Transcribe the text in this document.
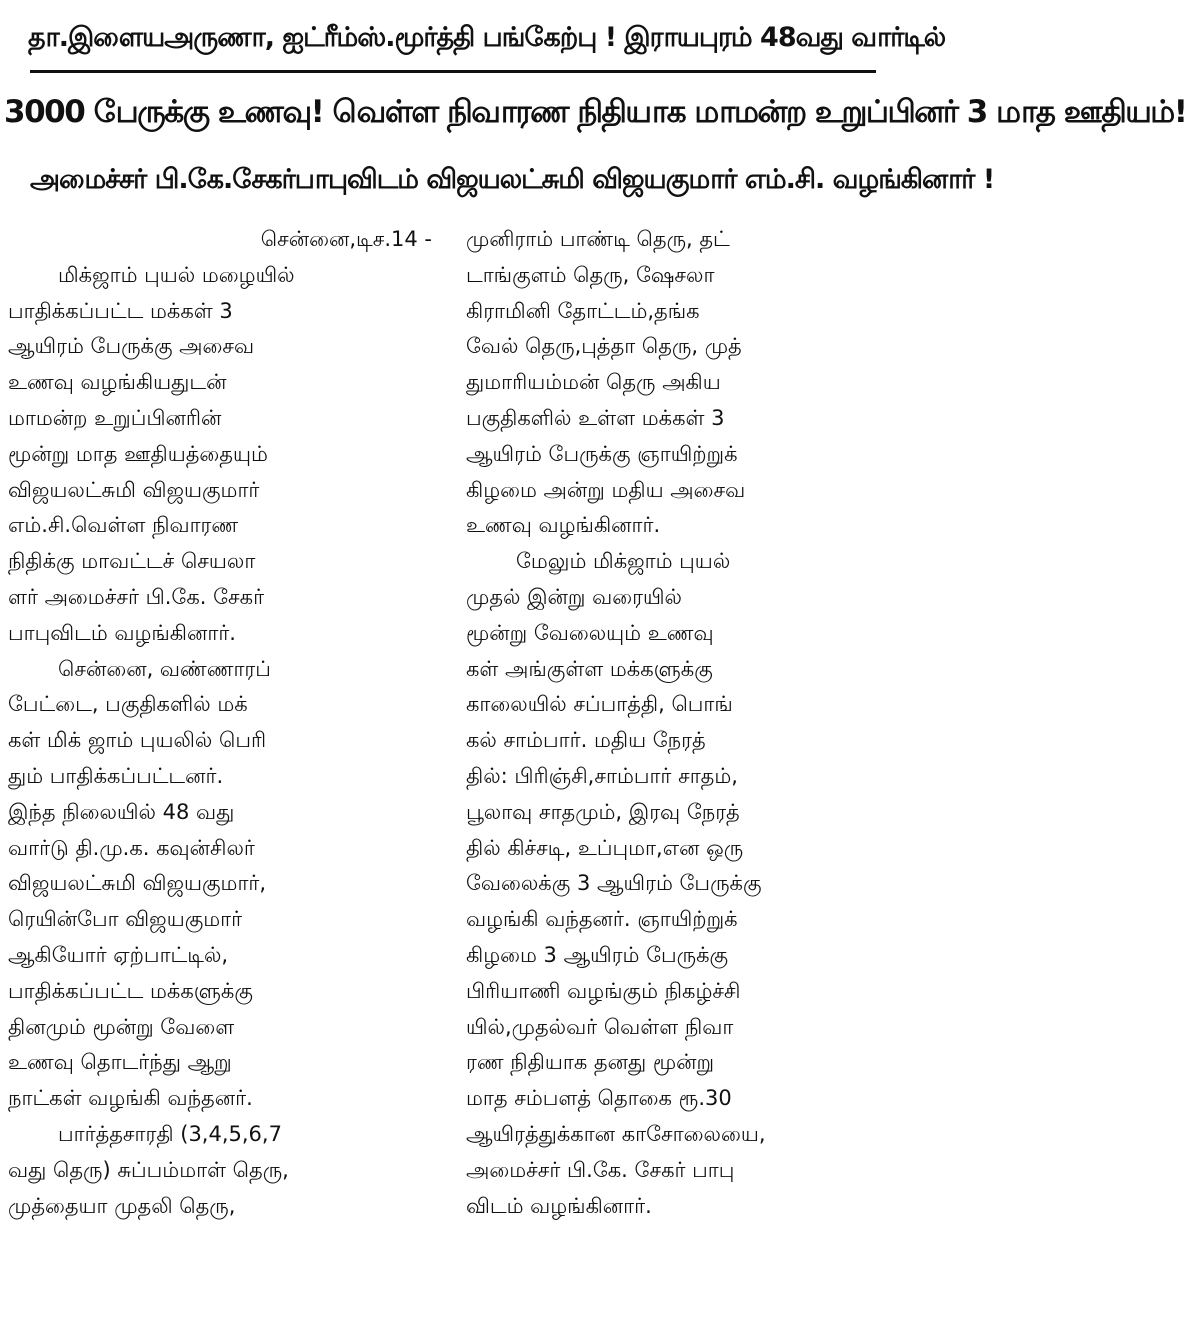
தா.இளையஅருணா, ஐட்ரீம்ஸ்.மூர்த்தி பங்கேற்பு ! இராயபுரம் 48வது வார்டில்
3000 பேருக்கு உணவு! வெள்ள நிவாரண நிதியாக மாமன்ற உறுப்பினர் 3 மாத ஊதியம்!
அமைச்சர் பி.கே.சேகர்பாபுவிடம் விஜயலட்சுமி விஜயகுமார் எம்.சி. வழங்கினார் !
சென்னை,டிச.14 -
மிக்ஜாம் புயல் மழையில்
பாதிக்கப்பட்ட மக்கள் 3
ஆயிரம் பேருக்கு அசைவ
உணவு வழங்கியதுடன்
மாமன்ற உறுப்பினரின்
மூன்று மாத ஊதியத்தையும்
விஜயலட்சுமி விஜயகுமார்
எம்.சி.வெள்ள நிவாரண
நிதிக்கு மாவட்டச் செயலா
ளர் அமைச்சர் பி.கே. சேகர்
பாபுவிடம் வழங்கினார்.
சென்னை, வண்ணாரப்
பேட்டை, பகுதிகளில் மக்
கள் மிக் ஜாம் புயலில் பெரி
தும் பாதிக்கப்பட்டனர்.
இந்த நிலையில் 48 வது
வார்டு தி.மு.க. கவுன்சிலர்
விஜயலட்சுமி விஜயகுமார்,
ரெயின்போ விஜயகுமார்
ஆகியோர் ஏற்பாட்டில்,
பாதிக்கப்பட்ட மக்களுக்கு
தினமும் மூன்று வேளை
உணவு தொடர்ந்து ஆறு
நாட்கள் வழங்கி வந்தனர்.
பார்த்தசாரதி (3,4,5,6,7
வது தெரு) சுப்பம்மாள் தெரு,
முத்தையா முதலி தெரு,
முனிராம் பாண்டி தெரு, தட்
டாங்குளம் தெரு, ஷேசலா
கிராமினி தோட்டம்,தங்க
வேல் தெரு,புத்தா தெரு, முத்
துமாரியம்மன் தெரு அகிய
பகுதிகளில் உள்ள மக்கள் 3
ஆயிரம் பேருக்கு ஞாயிற்றுக்
கிழமை அன்று மதிய அசைவ
உணவு வழங்கினார்.
மேலும் மிக்ஜாம் புயல்
முதல் இன்று வரையில்
மூன்று வேலையும் உணவு
கள் அங்குள்ள மக்களுக்கு
காலையில் சப்பாத்தி, பொங்
கல் சாம்பார். மதிய நேரத்
தில்: பிரிஞ்சி,சாம்பார் சாதம்,
பூலாவு சாதமும், இரவு நேரத்
தில் கிச்சடி, உப்புமா,என ஒரு
வேலைக்கு 3 ஆயிரம் பேருக்கு
வழங்கி வந்தனர். ஞாயிற்றுக்
கிழமை 3 ஆயிரம் பேருக்கு
பிரியாணி வழங்கும் நிகழ்ச்சி
யில்,முதல்வர் வெள்ள நிவா
ரண நிதியாக தனது மூன்று
மாத சம்பளத் தொகை ரூ.30
ஆயிரத்துக்கான காசோலையை,
அமைச்சர் பி.கே. சேகர் பாபு
விடம் வழங்கினார்.
